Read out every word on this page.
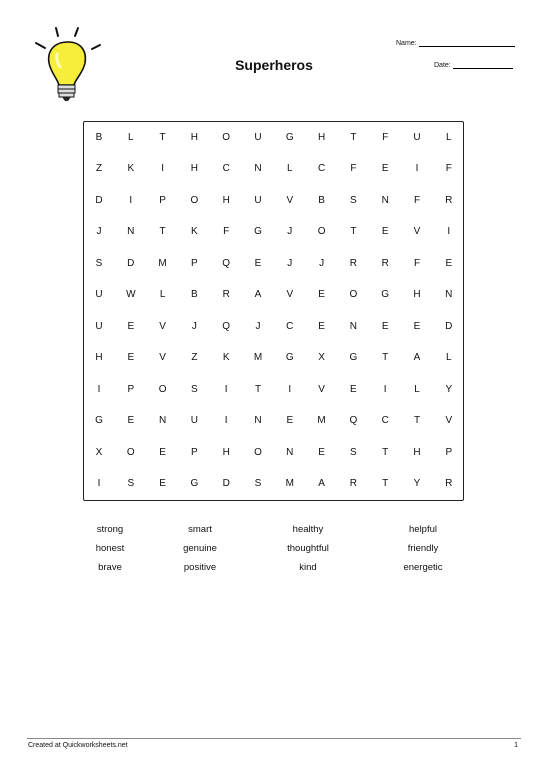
Superheros
Name:
Date:
B	L	T	H	O	U	G	H	T	F	U	L
Z	K	I	H	C	N	L	C	F	E	I	F
D	I	P	O	H	U	V	B	S	N	F	R
J	N	T	K	F	G	J	O	T	E	V	I
S	D	M	P	Q	E	J	J	R	R	F	E
U	W	L	B	R	A	V	E	O	G	H	N
U	E	V	J	Q	J	C	E	N	E	E	D
H	E	V	Z	K	M	G	X	G	T	A	L
I	P	O	S	I	T	I	V	E	I	L	Y
G	E	N	U	I	N	E	M	Q	C	T	V
X	O	E	P	H	O	N	E	S	T	H	P
I	S	E	G	D	S	M	A	R	T	Y	R
strong	smart	healthy	helpful
honest	genuine	thoughtful	friendly
brave	positive	kind	energetic
Created at Quickworksheets.net	1
